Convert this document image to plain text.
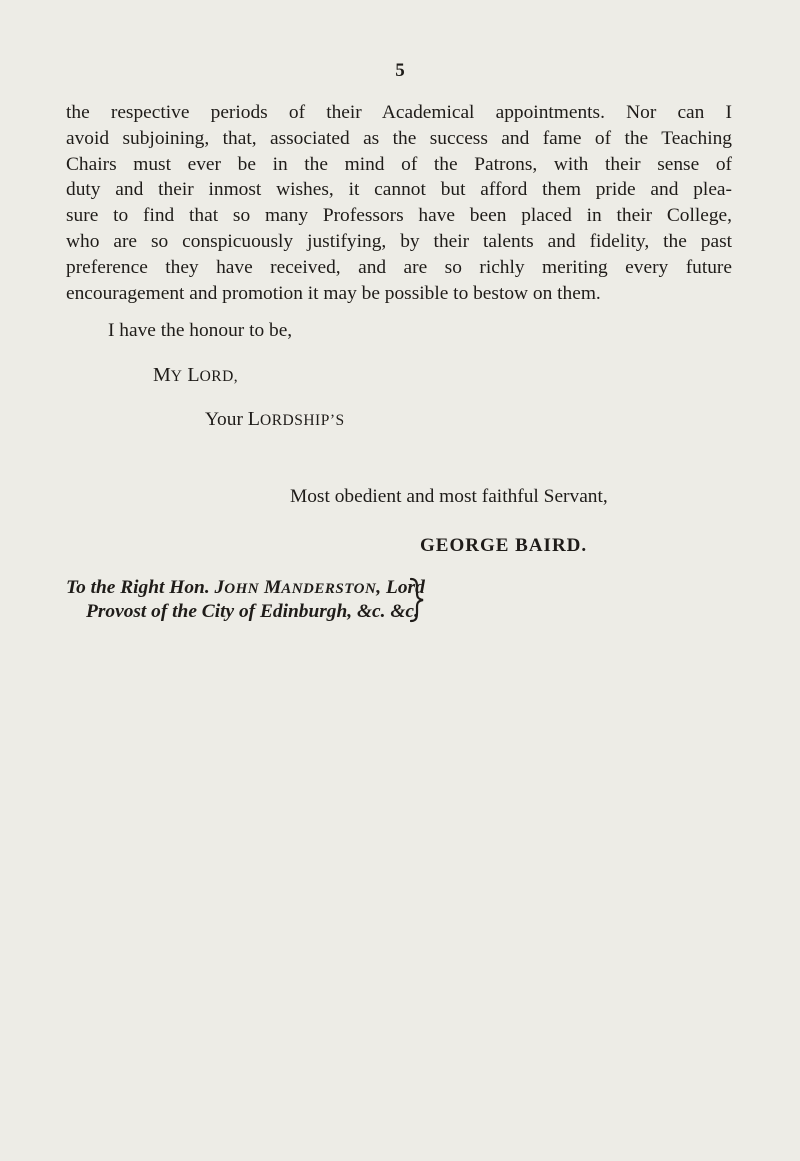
5
the respective periods of their Academical appointments. Nor can I
avoid subjoining, that, associated as the success and fame of the Teaching
Chairs must ever be in the mind of the Patrons, with their sense of
duty and their inmost wishes, it cannot but afford them pride and plea-
sure to find that so many Professors have been placed in their College,
who are so conspicuously justifying, by their talents and fidelity, the past
preference they have received, and are so richly meriting every future
encouragement and promotion it may be possible to bestow on them.
I have the honour to be,
MY LORD,
Your LORDSHIP’S
Most obedient and most faithful Servant,
GEORGE BAIRD.
To the Right Hon. JOHN MANDERSTON, Lord
Provost of the City of Edinburgh, &c. &c.
